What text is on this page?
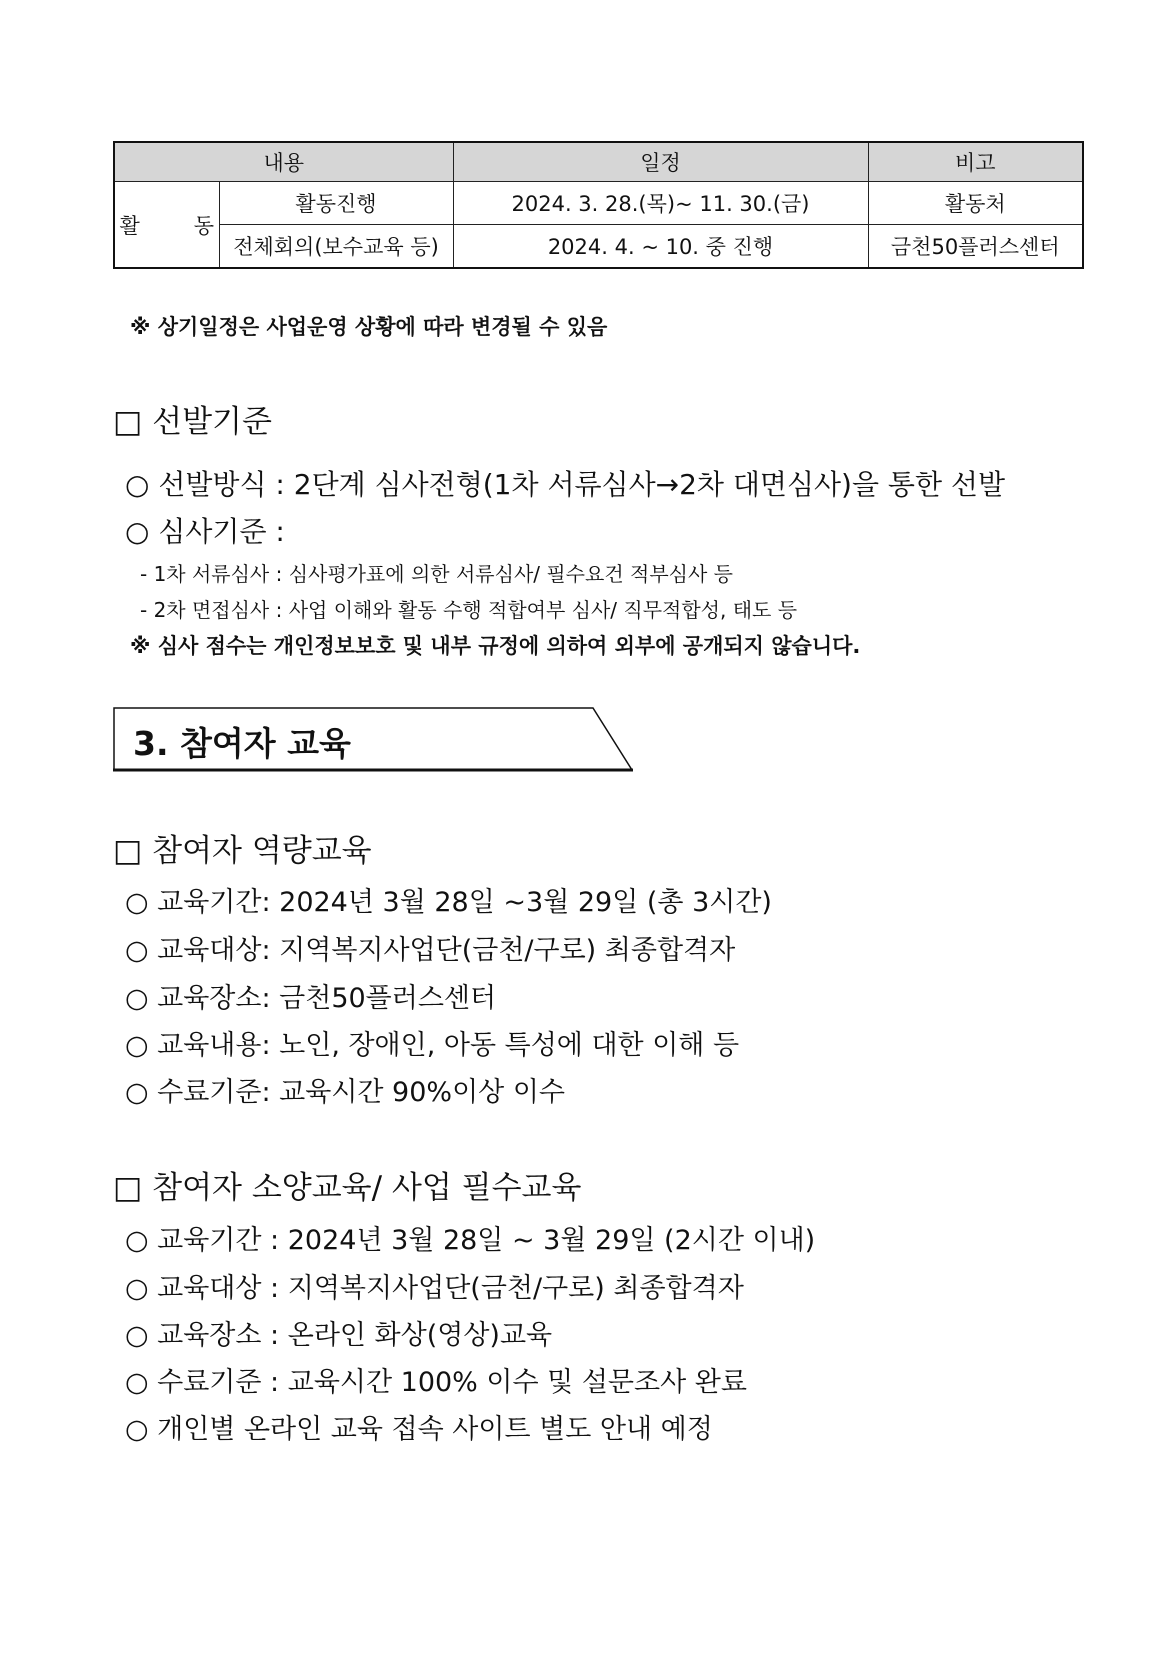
내용		일정	비고
활 동	활동진행	2024. 3. 28.(목)~ 11. 30.(금)	활동처
	전체회의(보수교육 등)	2024. 4. ~ 10. 중 진행	금천50플러스센터
※ 상기일정은 사업운영 상황에 따라 변경될 수 있음
□ 선발기준
○ 선발방식 : 2단계 심사전형(1차 서류심사→2차 대면심사)을 통한 선발
○ 심사기준 :
- 1차 서류심사 : 심사평가표에 의한 서류심사/ 필수요건 적부심사 등
- 2차 면접심사 : 사업 이해와 활동 수행 적합여부 심사/ 직무적합성, 태도 등
※ 심사 점수는 개인정보보호 및 내부 규정에 의하여 외부에 공개되지 않습니다.
3. 참여자 교육
□ 참여자 역량교육
○ 교육기간: 2024년 3월 28일 ~3월 29일 (총 3시간)
○ 교육대상: 지역복지사업단(금천/구로) 최종합격자
○ 교육장소: 금천50플러스센터
○ 교육내용: 노인, 장애인, 아동 특성에 대한 이해 등
○ 수료기준: 교육시간 90%이상 이수
□ 참여자 소양교육/ 사업 필수교육
○ 교육기간 : 2024년 3월 28일 ~ 3월 29일 (2시간 이내)
○ 교육대상 : 지역복지사업단(금천/구로) 최종합격자
○ 교육장소 : 온라인 화상(영상)교육
○ 수료기준 : 교육시간 100% 이수 및 설문조사 완료
○ 개인별 온라인 교육 접속 사이트 별도 안내 예정
